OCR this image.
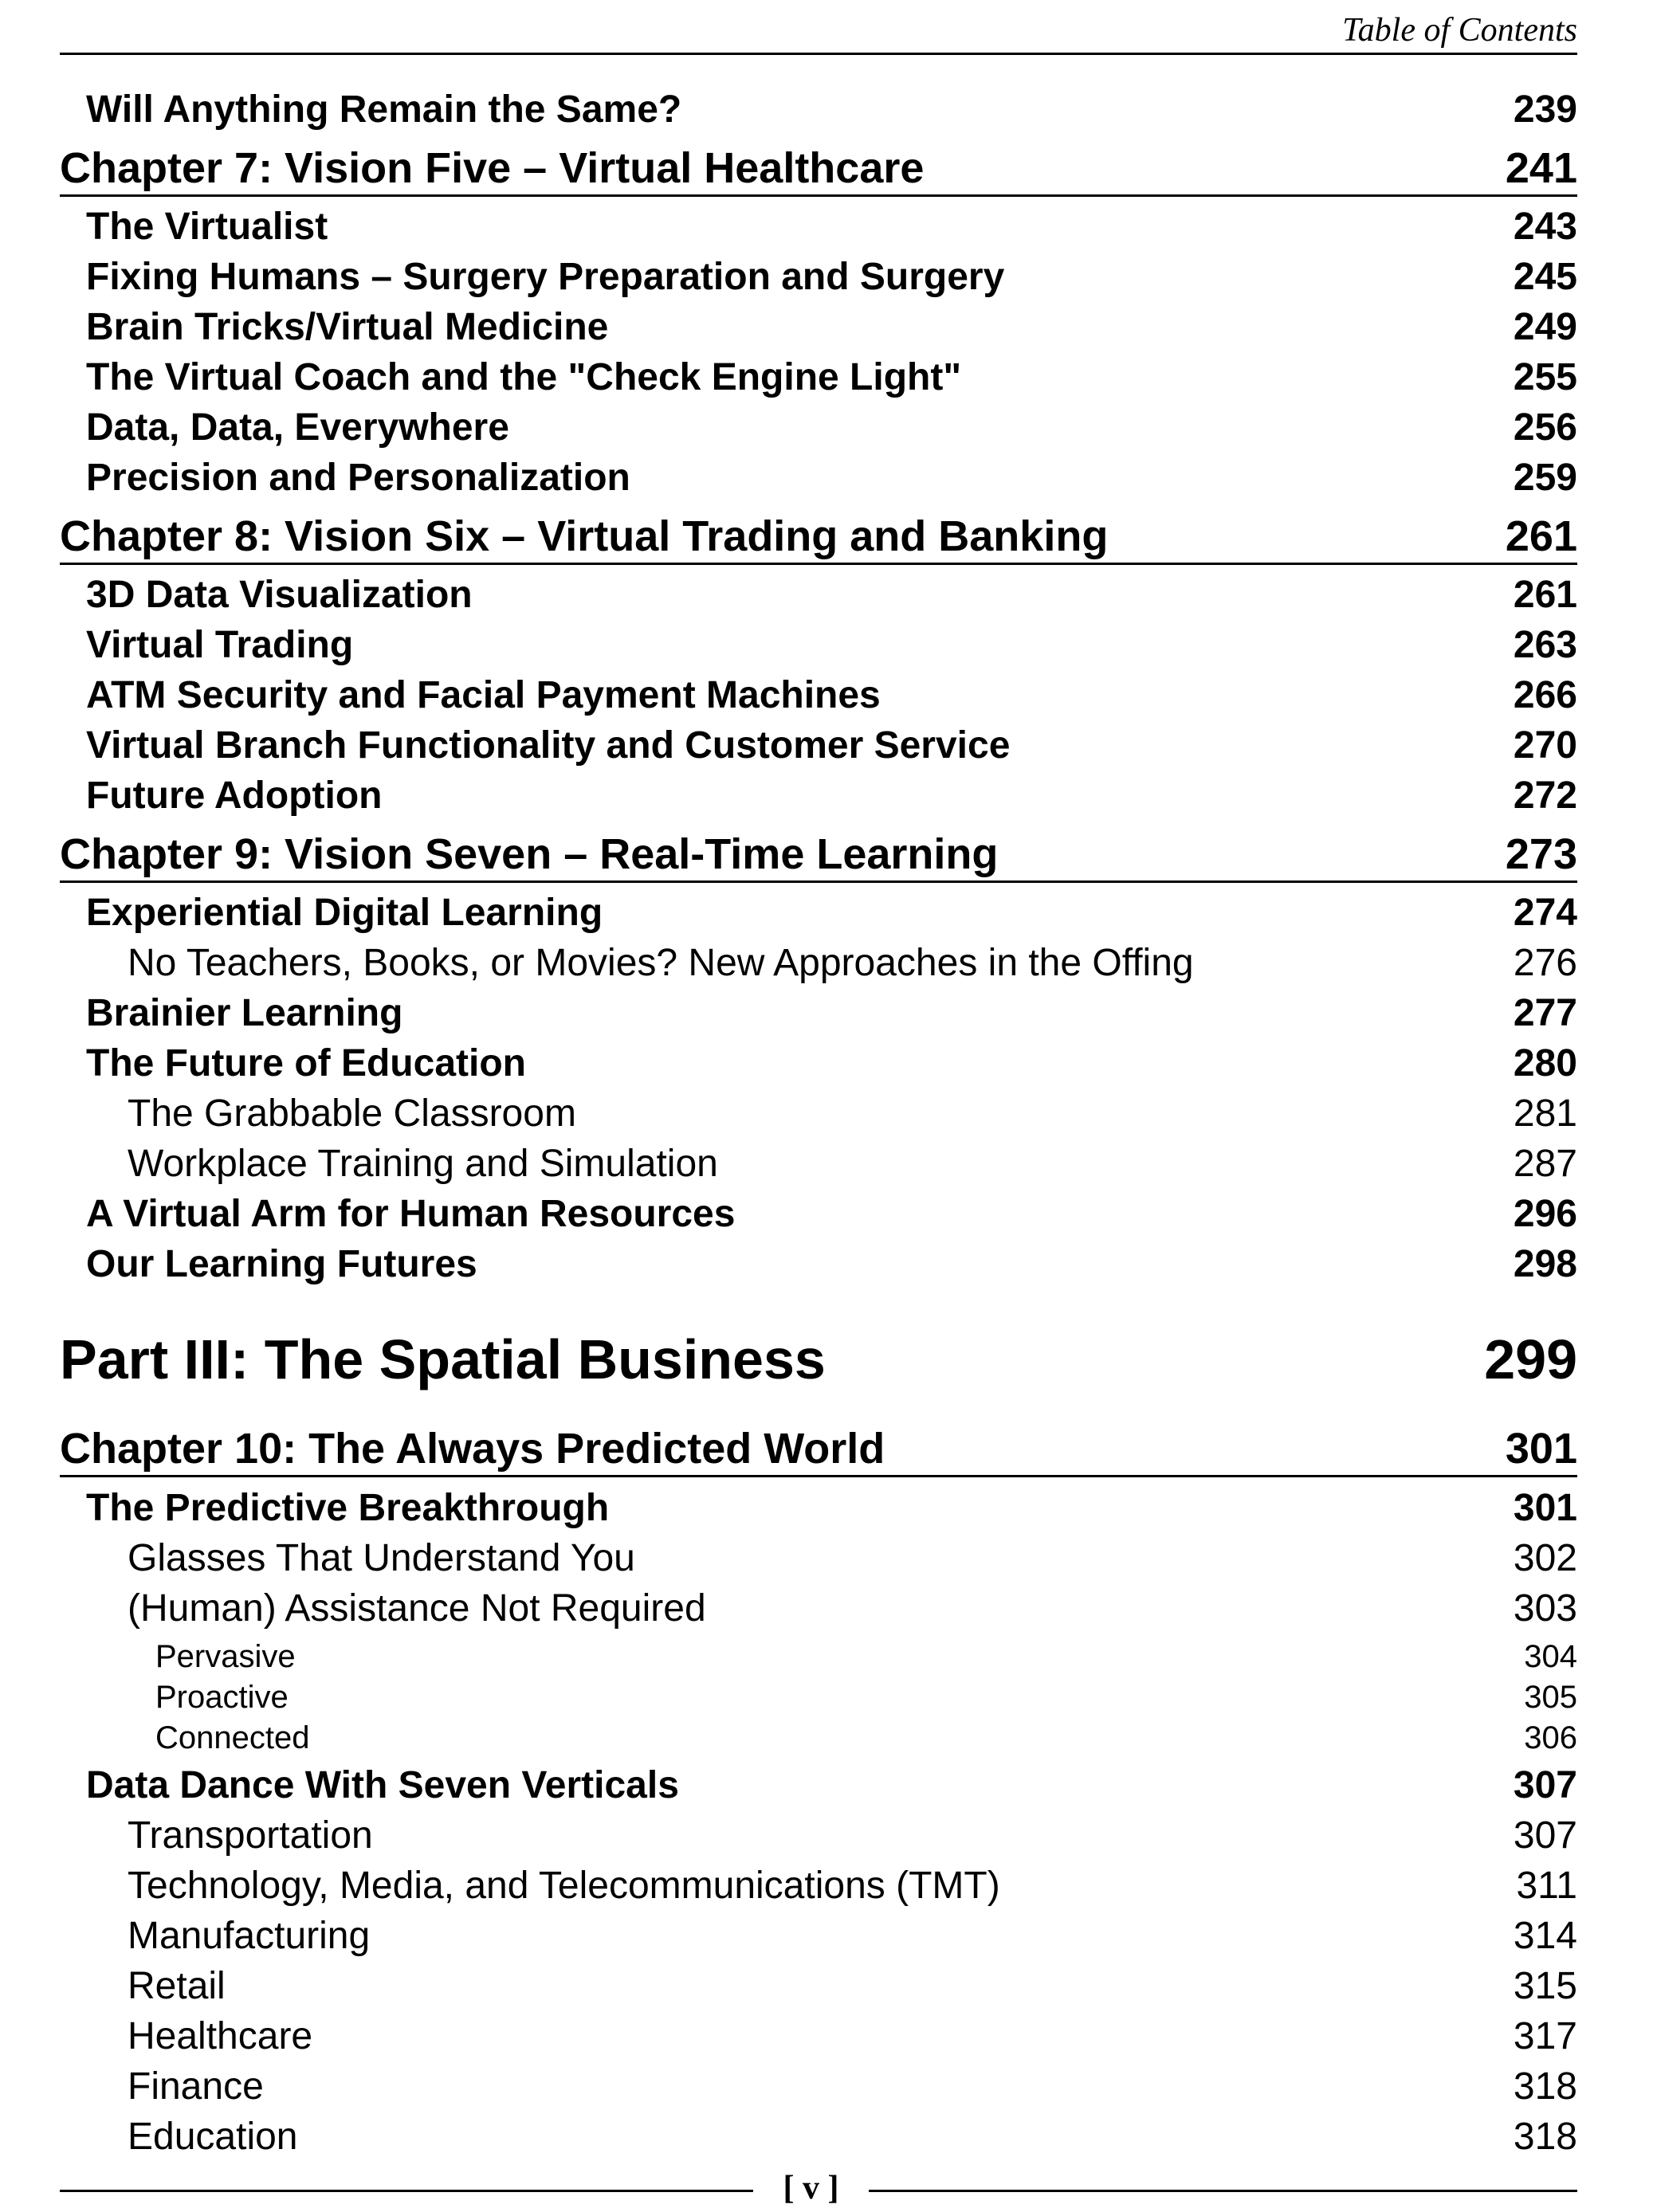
Table of Contents
Will Anything Remain the Same?	239
Chapter 7: Vision Five – Virtual Healthcare	241
The Virtualist	243
Fixing Humans – Surgery Preparation and Surgery	245
Brain Tricks/Virtual Medicine	249
The Virtual Coach and the "Check Engine Light"	255
Data, Data, Everywhere	256
Precision and Personalization	259
Chapter 8: Vision Six – Virtual Trading and Banking	261
3D Data Visualization	261
Virtual Trading	263
ATM Security and Facial Payment Machines	266
Virtual Branch Functionality and Customer Service	270
Future Adoption	272
Chapter 9: Vision Seven – Real-Time Learning	273
Experiential Digital Learning	274
No Teachers, Books, or Movies? New Approaches in the Offing	276
Brainier Learning	277
The Future of Education	280
The Grabbable Classroom	281
Workplace Training and Simulation	287
A Virtual Arm for Human Resources	296
Our Learning Futures	298
Part III: The Spatial Business	299
Chapter 10: The Always Predicted World	301
The Predictive Breakthrough	301
Glasses That Understand You	302
(Human) Assistance Not Required	303
Pervasive	304
Proactive	305
Connected	306
Data Dance With Seven Verticals	307
Transportation	307
Technology, Media, and Telecommunications (TMT)	311
Manufacturing	314
Retail	315
Healthcare	317
Finance	318
Education	318
[ v ]
